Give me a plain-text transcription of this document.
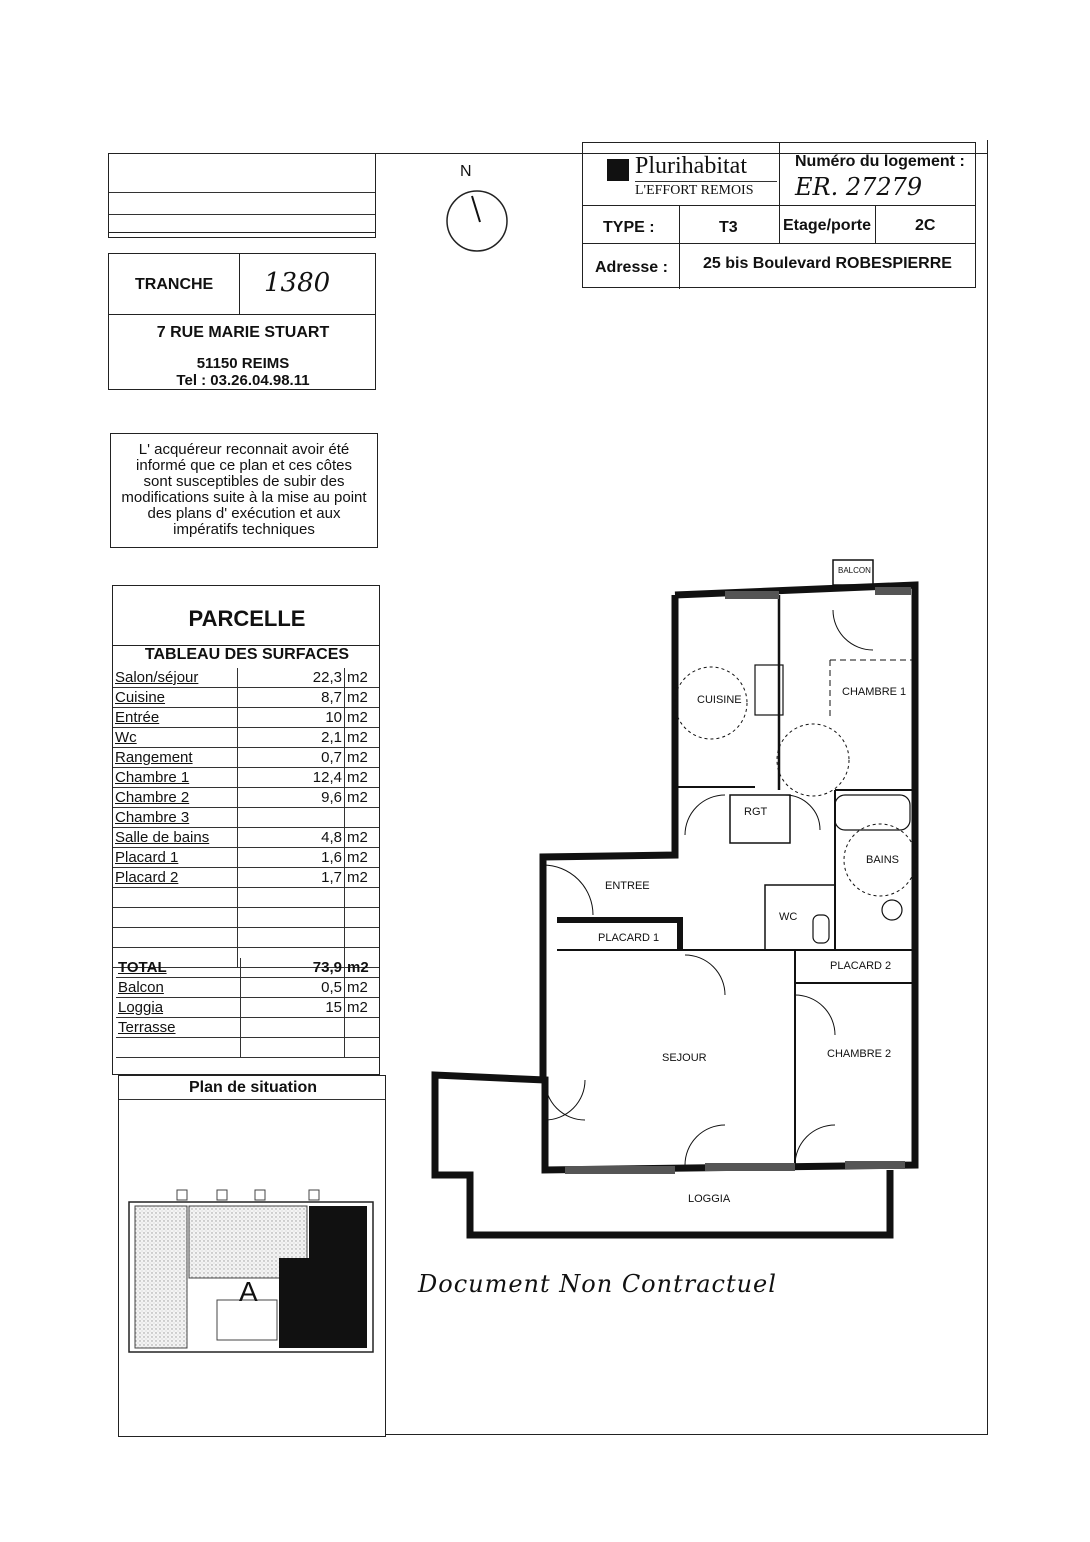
TRANCHE 1380
7 RUE MARIE STUART
51150 REIMS
Tel : 03.26.04.98.11
L' acquéreur reconnait avoir été informé que ce plan et ces côtes sont susceptibles de subir des modifications suite à la mise au point des plans d' exécution et aux impératifs techniques
PARCELLE
TABLEAU DES SURFACES
Salon/séjour	22,3	m2
Cuisine	8,7	m2
Entrée	10	m2
Wc	2,1	m2
Rangement	0,7	m2
Chambre 1	12,4	m2
Chambre 2	9,6	m2
Chambre 3		
Salle de bains	4,8	m2
Placard 1	1,6	m2
Placard 2	1,7	m2

TOTAL	73,9	m2
Balcon	0,5	m2
Loggia	15	m2
Terrasse		

Plan de situation
A
N	Plurihabitat
L'EFFORT REMOIS
Numéro du logement :
ER. 27279
TYPE :	T3	Etage/porte	2C
Adresse : 25 bis Boulevard ROBESPIERRE
BALCON
CUISINE
CHAMBRE 1
RGT
BAINS
ENTREE
WC
PLACARD 1
PLACARD 2
SEJOUR	CHAMBRE 2
LOGGIA
Document Non Contractuel
